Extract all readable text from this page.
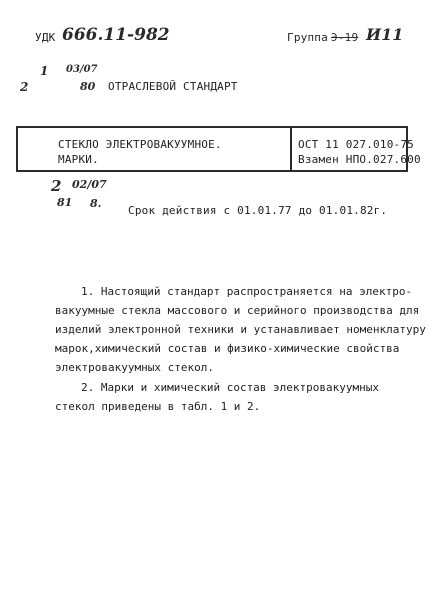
УДК 666.11-982	Группа Э-19 И11
1
2
03/07
80 ОТРАСЛЕВОЙ СТАНДАРТ
СТЕКЛО ЭЛЕКТРОВАКУУМНОЕ.
МАРКИ.
ОСТ 11 027.010-75
Взамен НПО.027.600
2 02/07
81 8.
Срок действия с 01.01.77 до 01.01.82г.
1. Настоящий стандарт распространяется на электро-
вакуумные стекла массового и серийного производства для
изделий электронной техники и устанавливает номенклатуру
марок,химический состав и физико-химические свойства
электровакуумных стекол.
2. Марки и химический состав электровакуумных
стекол приведены в табл. 1 и 2.
